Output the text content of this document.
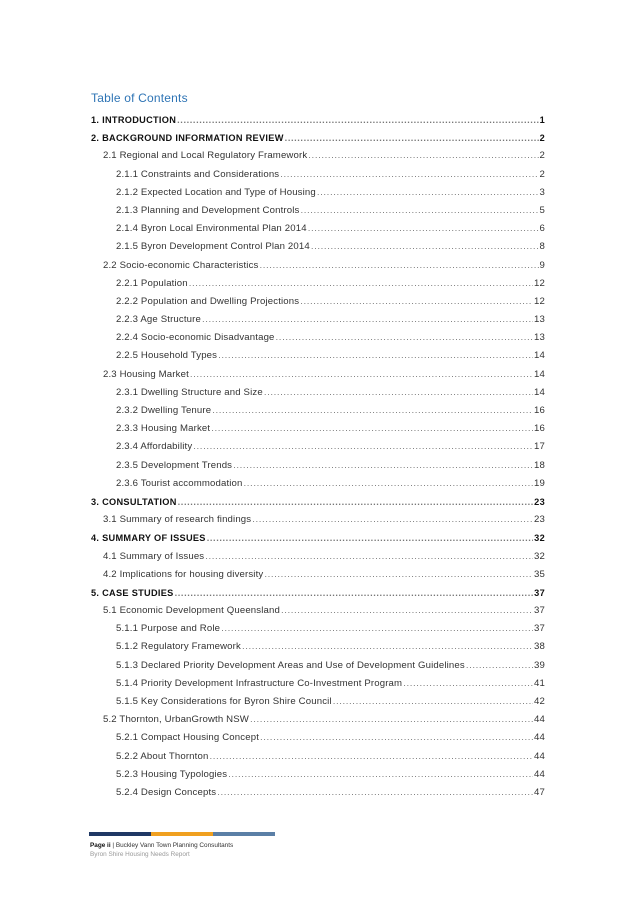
Table of Contents
1. INTRODUCTION .....	1
2. BACKGROUND INFORMATION REVIEW .....	2
2.1 Regional and Local Regulatory Framework .....	2
2.1.1 Constraints and Considerations .....	2
2.1.2 Expected Location and Type of Housing .....	3
2.1.3 Planning and Development Controls .....	5
2.1.4 Byron Local Environmental Plan 2014 .....	6
2.1.5 Byron Development Control Plan 2014 .....	8
2.2 Socio-economic Characteristics .....	9
2.2.1 Population .....	12
2.2.2 Population and Dwelling Projections .....	12
2.2.3 Age Structure .....	13
2.2.4 Socio-economic Disadvantage .....	13
2.2.5 Household Types .....	14
2.3 Housing Market .....	14
2.3.1 Dwelling Structure and Size .....	14
2.3.2 Dwelling Tenure .....	16
2.3.3 Housing Market .....	16
2.3.4 Affordability .....	17
2.3.5 Development Trends .....	18
2.3.6 Tourist accommodation .....	19
3. CONSULTATION .....	23
3.1 Summary of research findings .....	23
4. SUMMARY OF ISSUES .....	32
4.1 Summary of Issues .....	32
4.2 Implications for housing diversity .....	35
5. CASE STUDIES .....	37
5.1 Economic Development Queensland .....	37
5.1.1 Purpose and Role .....	37
5.1.2 Regulatory Framework .....	38
5.1.3 Declared Priority Development Areas and Use of Development Guidelines .....	39
5.1.4 Priority Development Infrastructure Co-Investment Program .....	41
5.1.5 Key Considerations for Byron Shire Council .....	42
5.2 Thornton, UrbanGrowth NSW .....	44
5.2.1 Compact Housing Concept .....	44
5.2.2 About Thornton .....	44
5.2.3 Housing Typologies .....	44
5.2.4 Design Concepts .....	47
Page ii | Buckley Vann Town Planning Consultants
Byron Shire Housing Needs Report
